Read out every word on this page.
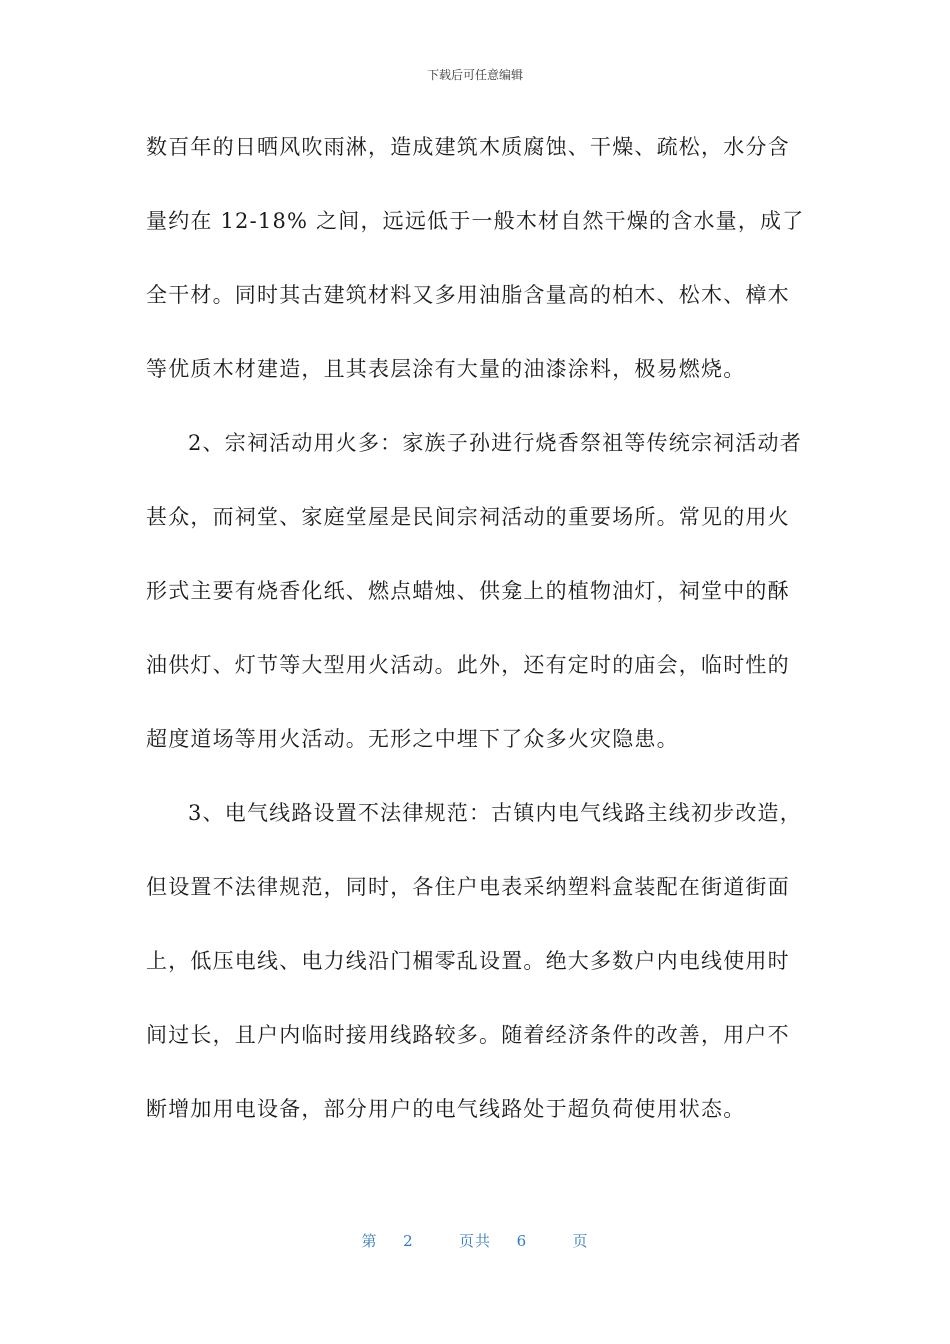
下载后可任意编辑
数百年的日晒风吹雨淋，造成建筑木质腐蚀、干燥、疏松，水分含
量约在 12-18% 之间，远远低于一般木材自然干燥的含水量，成了
全干材。同时其古建筑材料又多用油脂含量高的柏木、松木、樟木
等优质木材建造，且其表层涂有大量的油漆涂料，极易燃烧。
2、宗祠活动用火多：家族子孙进行烧香祭祖等传统宗祠活动者
甚众，而祠堂、家庭堂屋是民间宗祠活动的重要场所。常见的用火
形式主要有烧香化纸、燃点蜡烛、供龛上的植物油灯，祠堂中的酥
油供灯、灯节等大型用火活动。此外，还有定时的庙会，临时性的
超度道场等用火活动。无形之中埋下了众多火灾隐患。
3、电气线路设置不法律规范：古镇内电气线路主线初步改造，
但设置不法律规范，同时，各住户电表采纳塑料盒装配在街道街面
上，低压电线、电力线沿门楣零乱设置。绝大多数户内电线使用时
间过长，且户内临时接用线路较多。随着经济条件的改善，用户不
断增加用电设备，部分用户的电气线路处于超负荷使用状态。
第 2	页共 6	页
